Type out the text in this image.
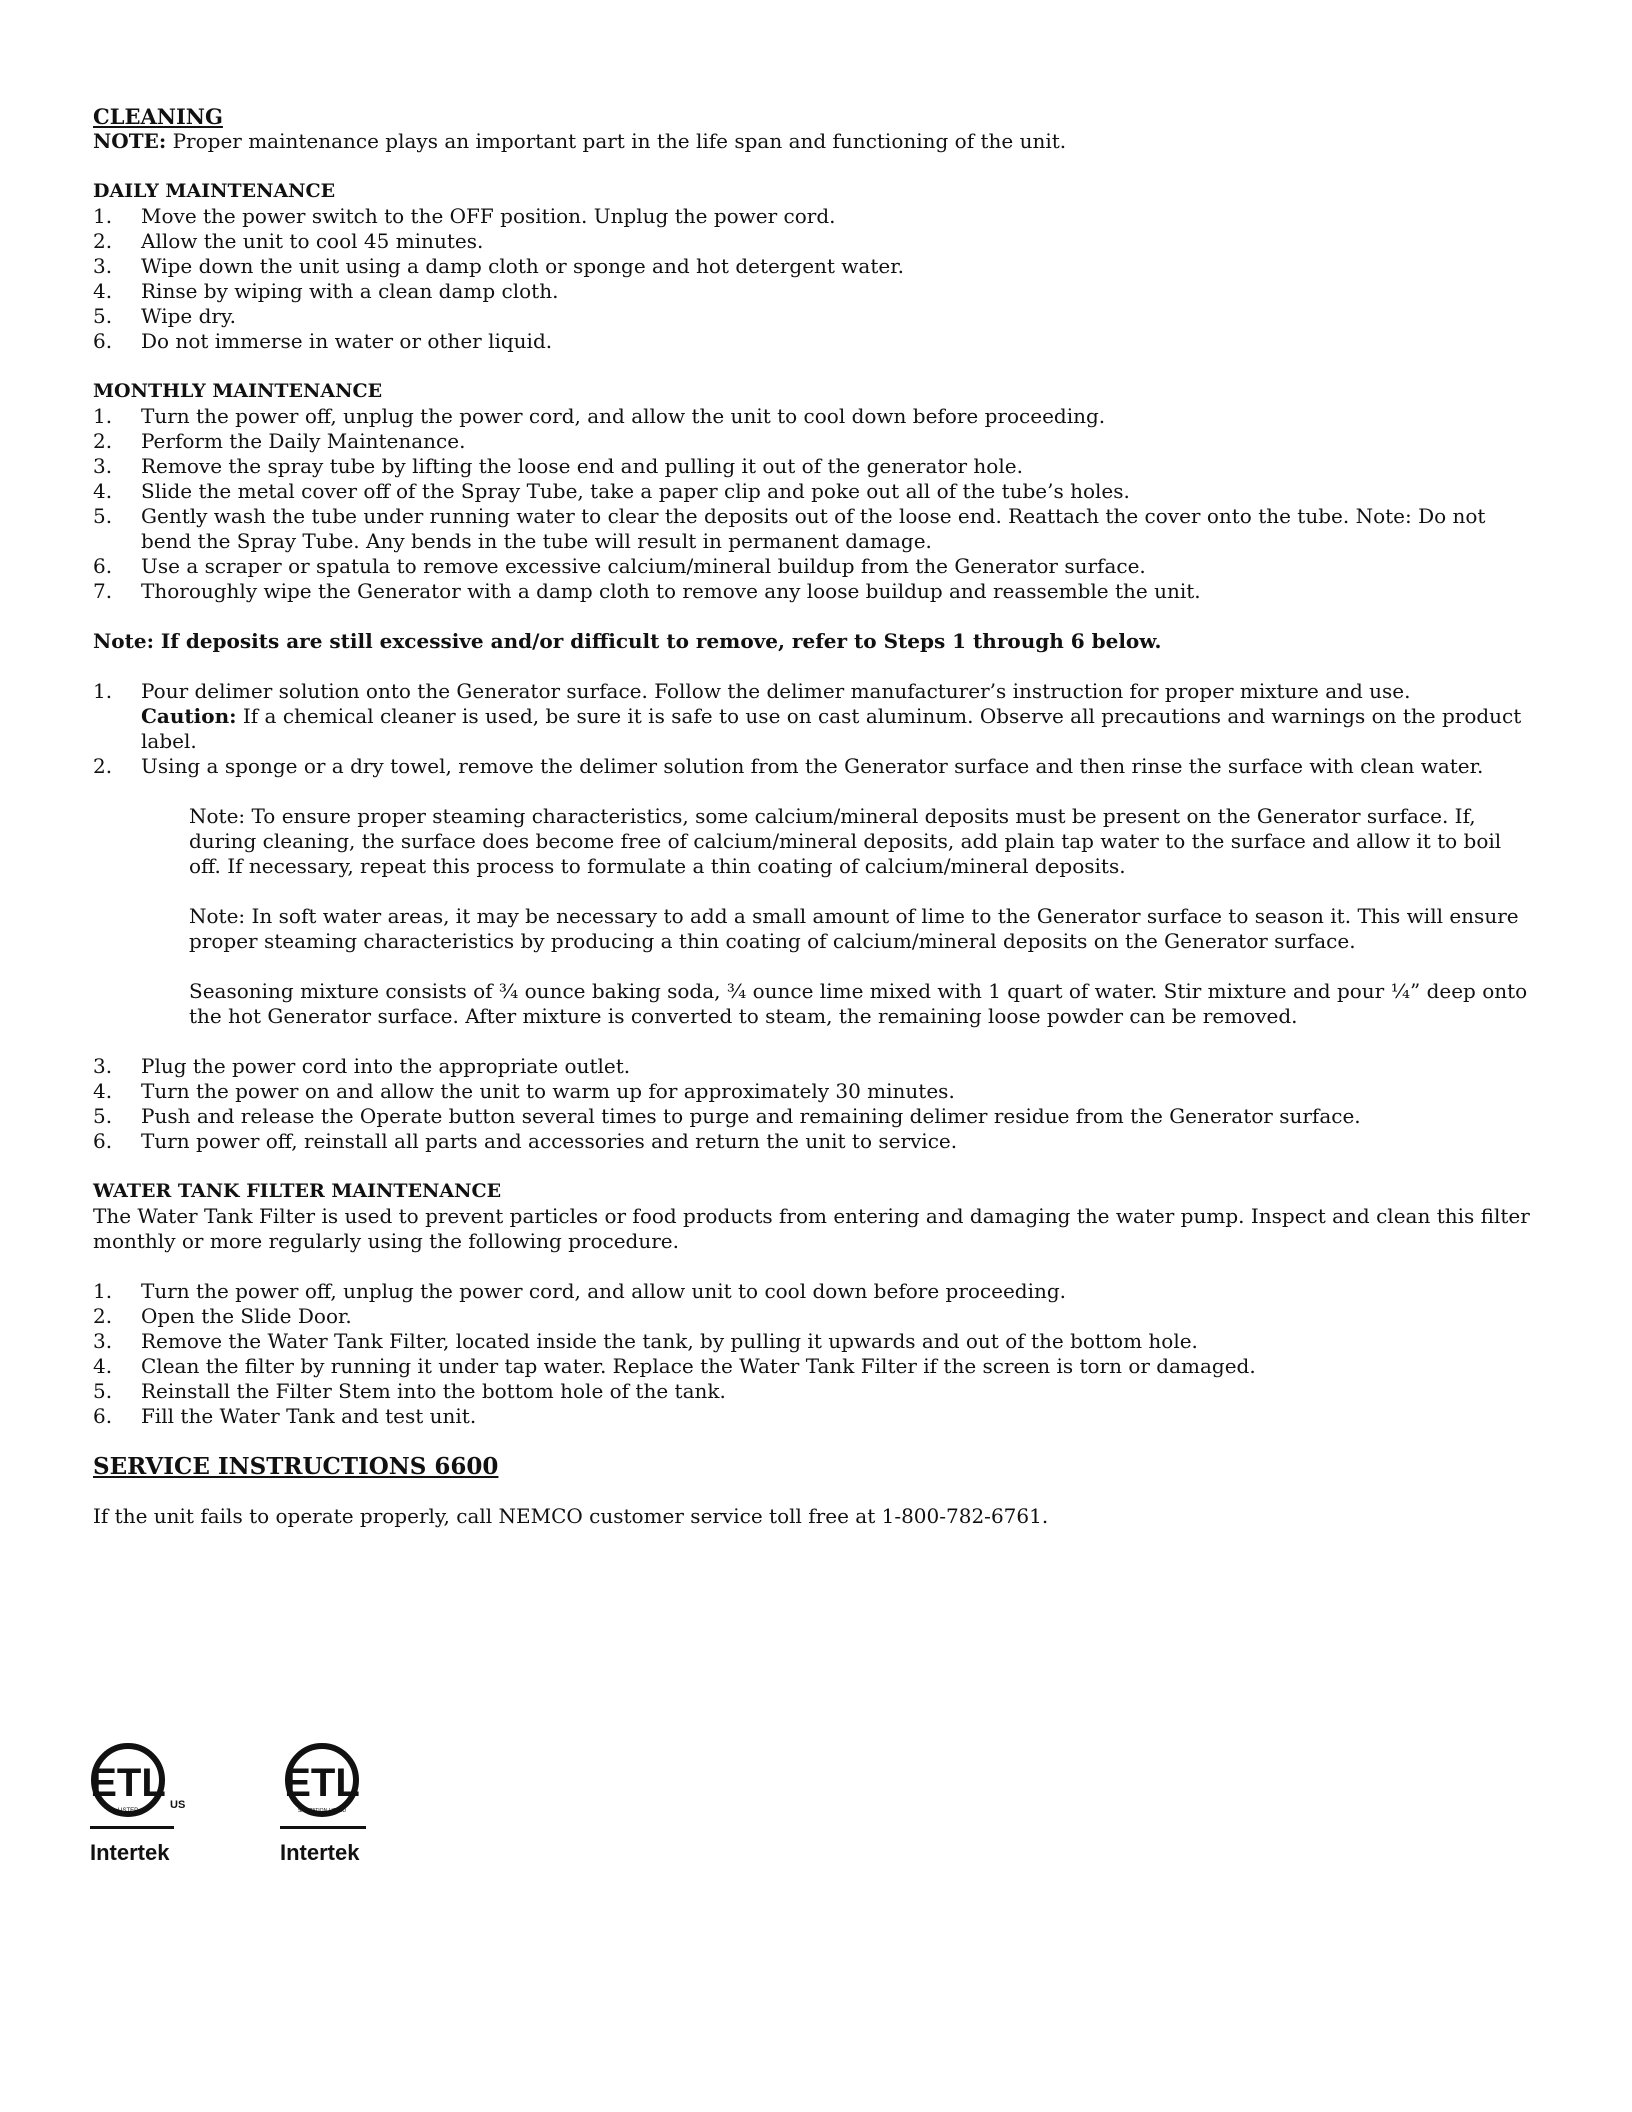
CLEANING
NOTE: Proper maintenance plays an important part in the life span and functioning of the unit.
DAILY MAINTENANCE
1. Move the power switch to the OFF position. Unplug the power cord.
2. Allow the unit to cool 45 minutes.
3. Wipe down the unit using a damp cloth or sponge and hot detergent water.
4. Rinse by wiping with a clean damp cloth.
5. Wipe dry.
6. Do not immerse in water or other liquid.
MONTHLY MAINTENANCE
1. Turn the power off, unplug the power cord, and allow the unit to cool down before proceeding.
2. Perform the Daily Maintenance.
3. Remove the spray tube by lifting the loose end and pulling it out of the generator hole.
4. Slide the metal cover off of the Spray Tube, take a paper clip and poke out all of the tube’s holes.
5. Gently wash the tube under running water to clear the deposits out of the loose end. Reattach the cover onto the tube. Note: Do not bend the Spray Tube. Any bends in the tube will result in permanent damage.
6. Use a scraper or spatula to remove excessive calcium/mineral buildup from the Generator surface.
7. Thoroughly wipe the Generator with a damp cloth to remove any loose buildup and reassemble the unit.
Note: If deposits are still excessive and/or difficult to remove, refer to Steps 1 through 6 below.
1. Pour delimer solution onto the Generator surface. Follow the delimer manufacturer’s instruction for proper mixture and use.
Caution: If a chemical cleaner is used, be sure it is safe to use on cast aluminum. Observe all precautions and warnings on the product label.
2. Using a sponge or a dry towel, remove the delimer solution from the Generator surface and then rinse the surface with clean water.
Note: To ensure proper steaming characteristics, some calcium/mineral deposits must be present on the Generator surface. If, during cleaning, the surface does become free of calcium/mineral deposits, add plain tap water to the surface and allow it to boil off. If necessary, repeat this process to formulate a thin coating of calcium/mineral deposits.
Note: In soft water areas, it may be necessary to add a small amount of lime to the Generator surface to season it. This will ensure proper steaming characteristics by producing a thin coating of calcium/mineral deposits on the Generator surface.
Seasoning mixture consists of ¾ ounce baking soda, ¾ ounce lime mixed with 1 quart of water. Stir mixture and pour ¼” deep onto the hot Generator surface. After mixture is converted to steam, the remaining loose powder can be removed.
3. Plug the power cord into the appropriate outlet.
4. Turn the power on and allow the unit to warm up for approximately 30 minutes.
5. Push and release the Operate button several times to purge and remaining delimer residue from the Generator surface.
6. Turn power off, reinstall all parts and accessories and return the unit to service.
WATER TANK FILTER MAINTENANCE
The Water Tank Filter is used to prevent particles or food products from entering and damaging the water pump. Inspect and clean this filter monthly or more regularly using the following procedure.
1. Turn the power off, unplug the power cord, and allow unit to cool down before proceeding.
2. Open the Slide Door.
3. Remove the Water Tank Filter, located inside the tank, by pulling it upwards and out of the bottom hole.
4. Clean the filter by running it under tap water. Replace the Water Tank Filter if the screen is torn or damaged.
5. Reinstall the Filter Stem into the bottom hole of the tank.
6. Fill the Water Tank and test unit.
SERVICE INSTRUCTIONS 6600
If the unit fails to operate properly, call NEMCO customer service toll free at 1-800-782-6761.
ETL
LISTED	US
Intertek
ETL
SANITATION LISTED
Intertek
